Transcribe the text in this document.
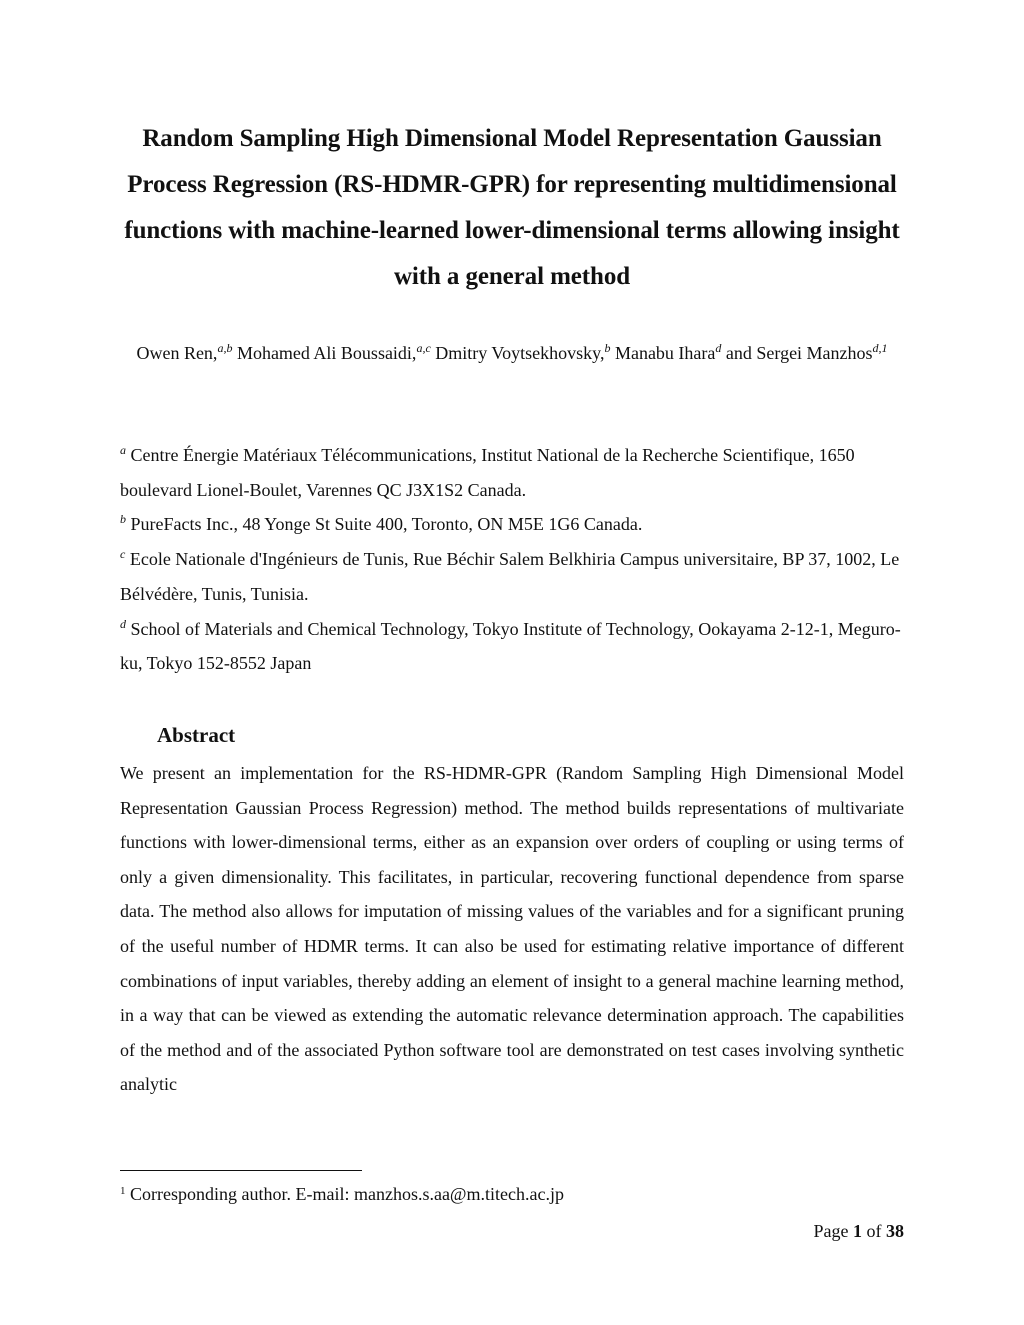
Random Sampling High Dimensional Model Representation Gaussian Process Regression (RS-HDMR-GPR) for representing multidimensional functions with machine-learned lower-dimensional terms allowing insight with a general method
Owen Ren,$^{a,b}$ Mohamed Ali Boussaidi,$^{a,c}$ Dmitry Voytsekhovsky,$^b$ Manabu Ihara$^d$ and Sergei Manzhos$^{d,1}$
$^a$ Centre Énergie Matériaux Télécommunications, Institut National de la Recherche Scientifique, 1650 boulevard Lionel-Boulet, Varennes QC J3X1S2 Canada.
$^b$ PureFacts Inc., 48 Yonge St Suite 400, Toronto, ON M5E 1G6 Canada.
$^c$ Ecole Nationale d'Ingénieurs de Tunis, Rue Béchir Salem Belkhiria Campus universitaire, BP 37, 1002, Le Bélvédère, Tunis, Tunisia.
$^d$ School of Materials and Chemical Technology, Tokyo Institute of Technology, Ookayama 2-12-1, Meguro-ku, Tokyo 152-8552 Japan
Abstract

We present an implementation for the RS-HDMR-GPR (Random Sampling High Dimensional Model Representation Gaussian Process Regression) method. The method builds representations of multivariate functions with lower-dimensional terms, either as an expansion over orders of coupling or using terms of only a given dimensionality. This facilitates, in particular, recovering functional dependence from sparse data. The method also allows for imputation of missing values of the variables and for a significant pruning of the useful number of HDMR terms. It can also be used for estimating relative importance of different combinations of input variables, thereby adding an element of insight to a general machine learning method, in a way that can be viewed as extending the automatic relevance determination approach. The capabilities of the method and of the associated Python software tool are demonstrated on test cases involving synthetic analytic

$^1$ Corresponding author. E-mail: manzhos.s.aa@m.titech.ac.jp
Page 1 of 38
